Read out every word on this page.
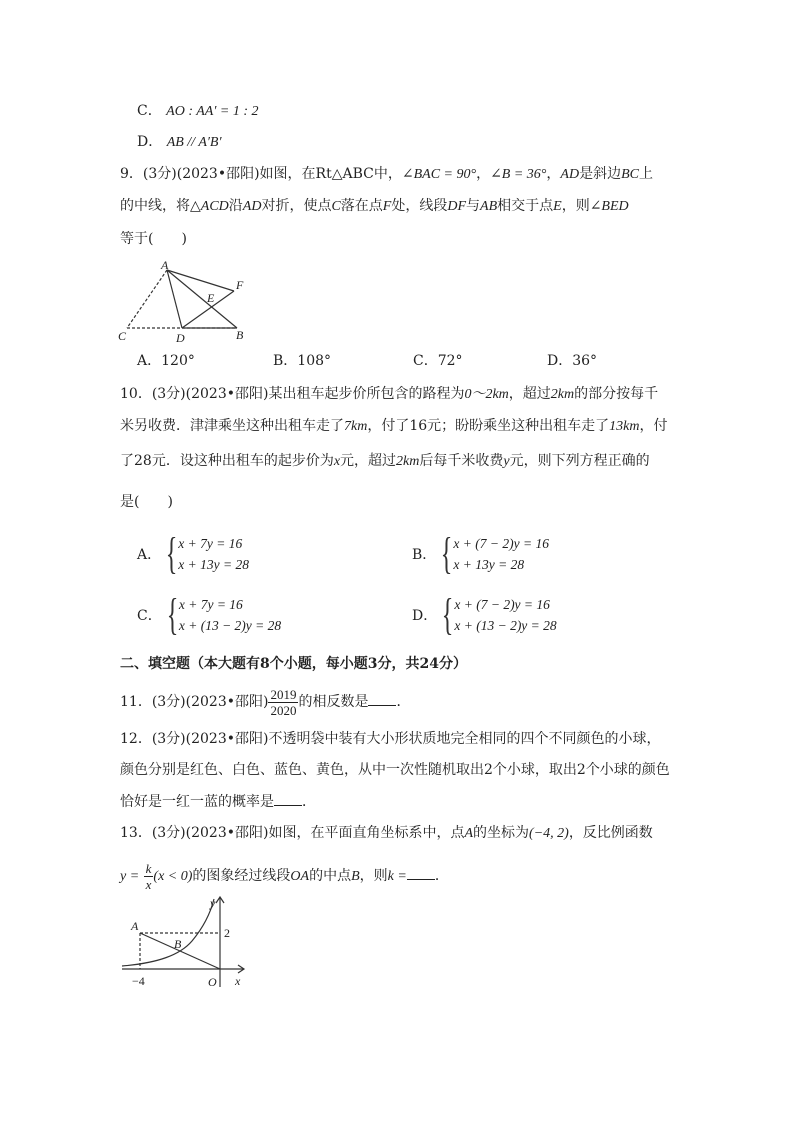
C． AO : AA′ = 1 : 2
D． AB // A′B′
9．(3分)(2023•邵阳)如图，在Rt△ABC中，∠BAC = 90°，∠B = 36°，AD是斜边BC上
的中线，将△ACD沿AD对折，使点C落在点F处，线段DF与AB相交于点E，则∠BED
等于(　　)
A
E
F
C	D	B
A．120°	B．108°	C．72°	D．36°
10．(3分)(2023•邵阳)某出租车起步价所包含的路程为0～2km，超过2km的部分按每千
米另收费．津津乘坐这种出租车走了7km，付了16元；盼盼乘坐这种出租车走了13km，付
了28元．设这种出租车的起步价为x元，超过2km后每千米收费y元，则下列方程正确的
是(　　)
A． { x + 7y = 16
x + 13y = 28
B． { x + (7 − 2)y = 16
x + 13y = 28
C． { x + 7y = 16
x + (13 − 2)y = 28
D． { x + (7 − 2)y = 16
x + (13 − 2)y = 28
二、填空题（本大题有8个小题，每小题3分，共24分）
11．(3分)(2023•邵阳) $\frac{2019}{2020}$ 的相反数是 ．
12．(3分)(2023•邵阳)不透明袋中装有大小形状质地完全相同的四个不同颜色的小球，
颜色分别是红色、白色、蓝色、黄色，从中一次性随机取出2个小球，取出2个小球的颜色
恰好是一红一蓝的概率是 ．
13．(3分)(2023•邵阳)如图，在平面直角坐标系中，点A的坐标为(−4, 2)，反比例函数
$y = \frac{k}{x} (x < 0)$的图象经过线段OA的中点B，则k = ．
y
A	2
B
−4	O x
